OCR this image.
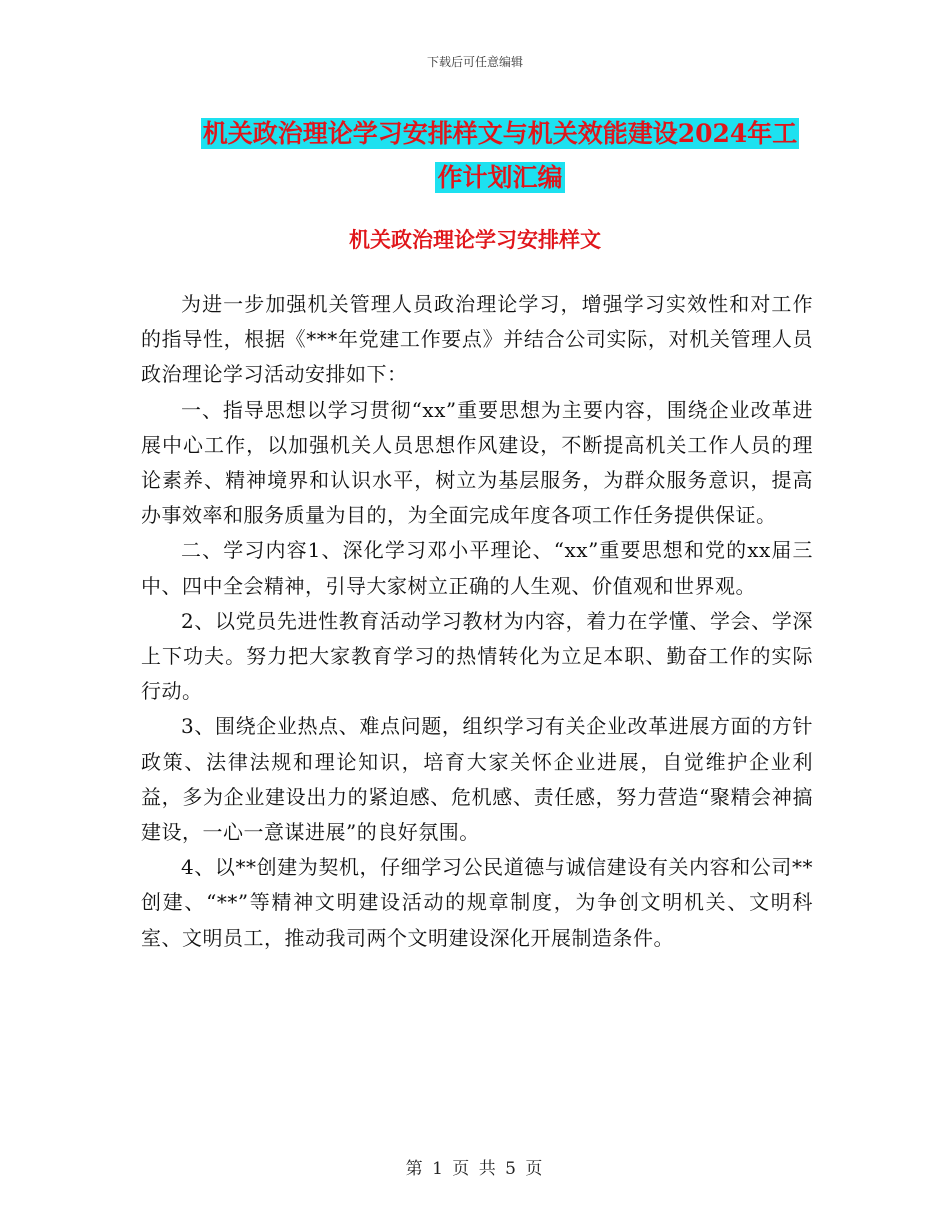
下载后可任意编辑
机关政治理论学习安排样文与机关效能建设2024年工
作计划汇编
机关政治理论学习安排样文

为进一步加强机关管理人员政治理论学习，增强学习实效性和对工作的指导性，根据《***年党建工作要点》并结合公司实际，对机关管理人员政治理论学习活动安排如下：

一、指导思想以学习贯彻“xx”重要思想为主要内容，围绕企业改革进展中心工作，以加强机关人员思想作风建设，不断提高机关工作人员的理论素养、精神境界和认识水平，树立为基层服务，为群众服务意识，提高办事效率和服务质量为目的，为全面完成年度各项工作任务提供保证。

二、学习内容1、深化学习邓小平理论、“xx”重要思想和党的xx届三中、四中全会精神，引导大家树立正确的人生观、价值观和世界观。

2、以党员先进性教育活动学习教材为内容，着力在学懂、学会、学深上下功夫。努力把大家教育学习的热情转化为立足本职、勤奋工作的实际行动。

3、围绕企业热点、难点问题，组织学习有关企业改革进展方面的方针政策、法律法规和理论知识，培育大家关怀企业进展，自觉维护企业利益，多为企业建设出力的紧迫感、危机感、责任感，努力营造“聚精会神搞建设，一心一意谋进展”的良好氛围。

4、以**创建为契机，仔细学习公民道德与诚信建设有关内容和公司**创建、“**”等精神文明建设活动的规章制度，为争创文明机关、文明科室、文明员工，推动我司两个文明建设深化开展制造条件。

第 1 页 共 5 页
